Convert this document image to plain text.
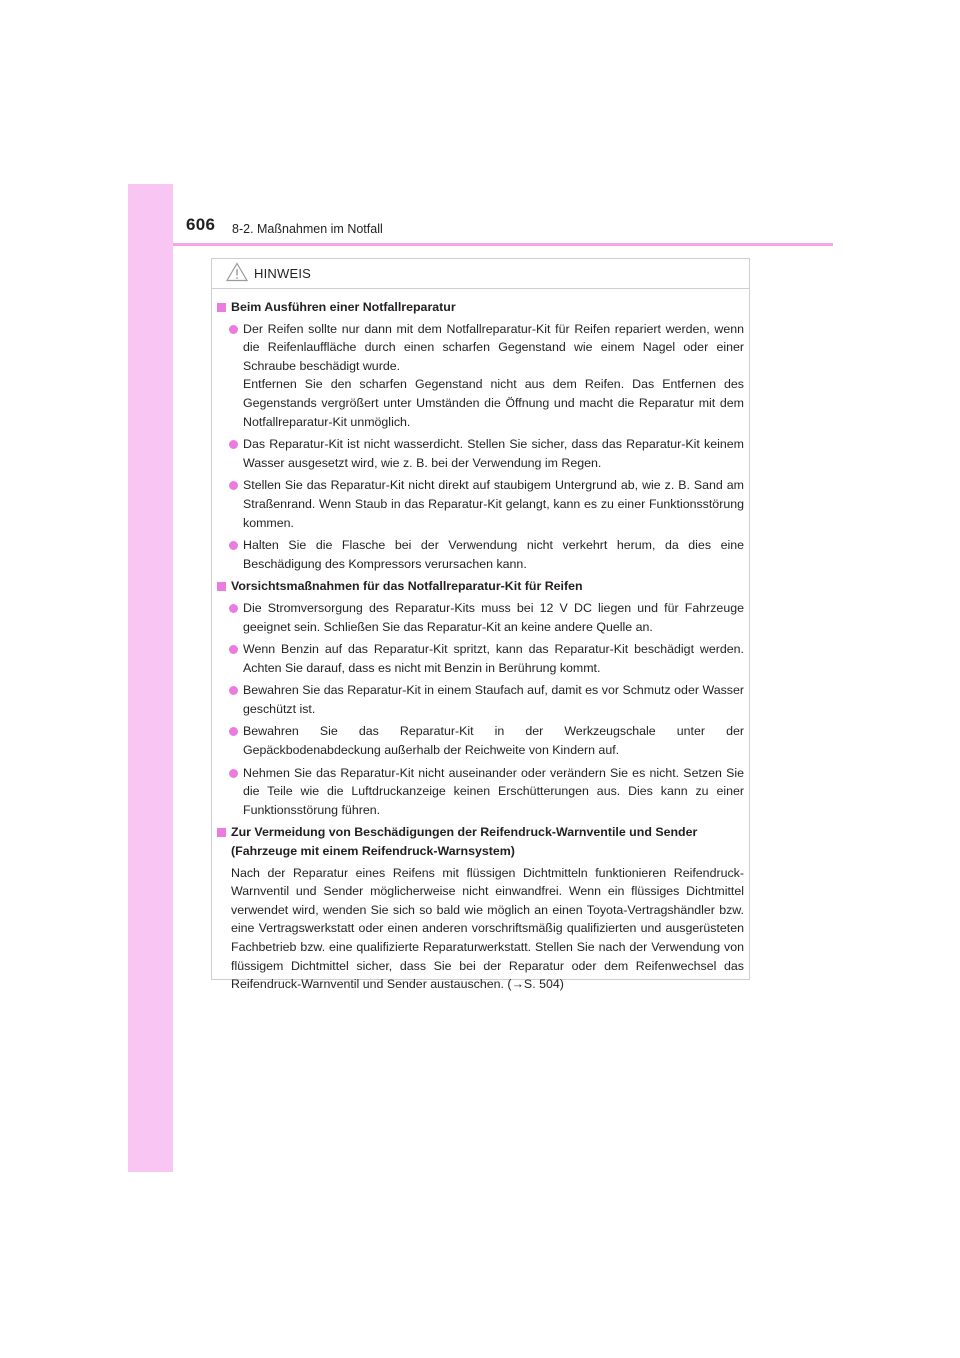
606 8-2. Maßnahmen im Notfall
HINWEIS
Beim Ausführen einer Notfallreparatur
Der Reifen sollte nur dann mit dem Notfallreparatur-Kit für Reifen repariert werden, wenn die Reifenlauffläche durch einen scharfen Gegenstand wie einem Nagel oder einer Schraube beschädigt wurde.
Entfernen Sie den scharfen Gegenstand nicht aus dem Reifen. Das Entfernen des Gegenstands vergrößert unter Umständen die Öffnung und macht die Reparatur mit dem Notfallreparatur-Kit unmöglich.
Das Reparatur-Kit ist nicht wasserdicht. Stellen Sie sicher, dass das Reparatur-Kit keinem Wasser ausgesetzt wird, wie z. B. bei der Verwendung im Regen.
Stellen Sie das Reparatur-Kit nicht direkt auf staubigem Untergrund ab, wie z. B. Sand am Straßenrand. Wenn Staub in das Reparatur-Kit gelangt, kann es zu einer Funktionsstörung kommen.
Halten Sie die Flasche bei der Verwendung nicht verkehrt herum, da dies eine Beschädigung des Kompressors verursachen kann.
Vorsichtsmaßnahmen für das Notfallreparatur-Kit für Reifen
Die Stromversorgung des Reparatur-Kits muss bei 12 V DC liegen und für Fahrzeuge geeignet sein. Schließen Sie das Reparatur-Kit an keine andere Quelle an.
Wenn Benzin auf das Reparatur-Kit spritzt, kann das Reparatur-Kit beschädigt werden. Achten Sie darauf, dass es nicht mit Benzin in Berührung kommt.
Bewahren Sie das Reparatur-Kit in einem Staufach auf, damit es vor Schmutz oder Wasser geschützt ist.
Bewahren Sie das Reparatur-Kit in der Werkzeugschale unter der Gepäckbodenabdeckung außerhalb der Reichweite von Kindern auf.
Nehmen Sie das Reparatur-Kit nicht auseinander oder verändern Sie es nicht. Setzen Sie die Teile wie die Luftdruckanzeige keinen Erschütterungen aus. Dies kann zu einer Funktionsstörung führen.
Zur Vermeidung von Beschädigungen der Reifendruck-Warnventile und Sender (Fahrzeuge mit einem Reifendruck-Warnsystem)
Nach der Reparatur eines Reifens mit flüssigen Dichtmitteln funktionieren Reifendruck-Warnventil und Sender möglicherweise nicht einwandfrei. Wenn ein flüssiges Dichtmittel verwendet wird, wenden Sie sich so bald wie möglich an einen Toyota-Vertragshändler bzw. eine Vertragswerkstatt oder einen anderen vorschriftsmäßig qualifizierten und ausgerüsteten Fachbetrieb bzw. eine qualifizierte Reparaturwerkstatt. Stellen Sie nach der Verwendung von flüssigem Dichtmittel sicher, dass Sie bei der Reparatur oder dem Reifenwechsel das Reifendruck-Warnventil und Sender austauschen. (→S. 504)
